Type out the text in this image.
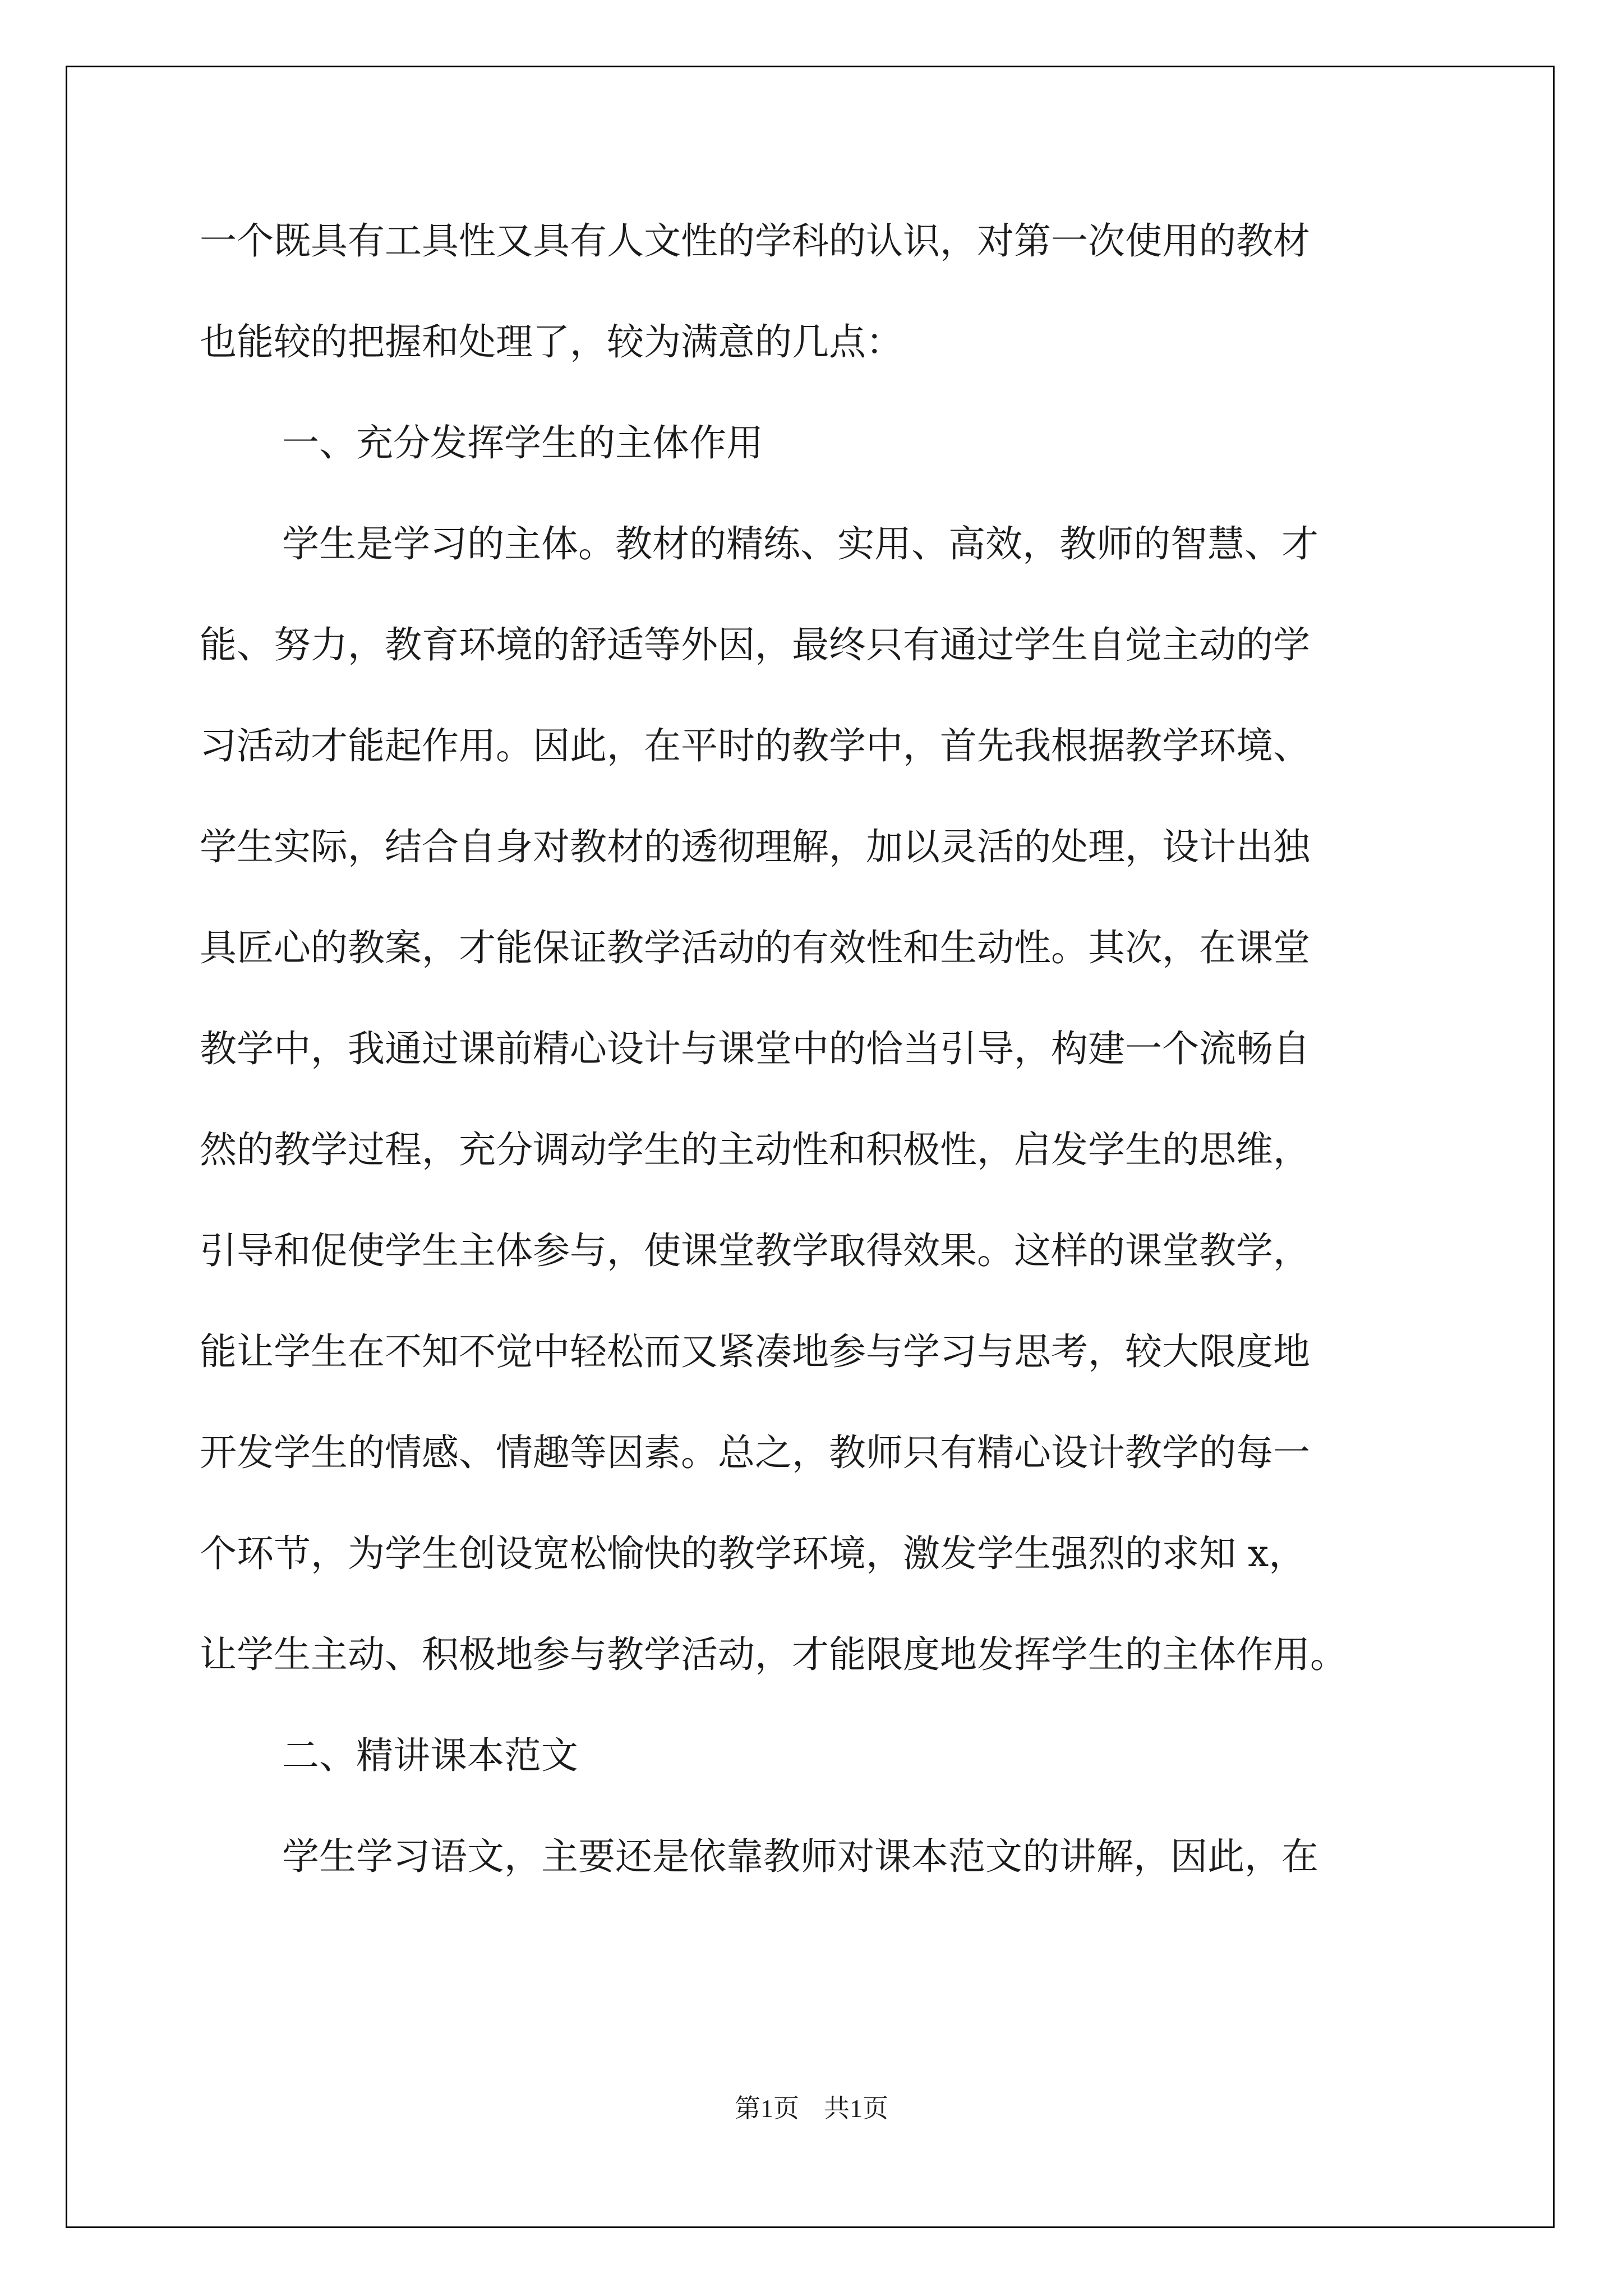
一个既具有工具性又具有人文性的学科的认识，对第一次使用的教材

也能较的把握和处理了，较为满意的几点：

一、充分发挥学生的主体作用

学生是学习的主体。教材的精练、实用、高效，教师的智慧、才

能、努力，教育环境的舒适等外因，最终只有通过学生自觉主动的学

习活动才能起作用。因此，在平时的教学中，首先我根据教学环境、

学生实际，结合自身对教材的透彻理解，加以灵活的处理，设计出独

具匠心的教案，才能保证教学活动的有效性和生动性。其次，在课堂

教学中，我通过课前精心设计与课堂中的恰当引导，构建一个流畅自

然的教学过程，充分调动学生的主动性和积极性，启发学生的思维，

引导和促使学生主体参与，使课堂教学取得效果。这样的课堂教学，

能让学生在不知不觉中轻松而又紧凑地参与学习与思考，较大限度地

开发学生的情感、情趣等因素。总之，教师只有精心设计教学的每一

个环节，为学生创设宽松愉快的教学环境，激发学生强烈的求知 x，

让学生主动、积极地参与教学活动，才能限度地发挥学生的主体作用。

二、精讲课本范文

学生学习语文，主要还是依靠教师对课本范文的讲解，因此，在

第1页 共1页
